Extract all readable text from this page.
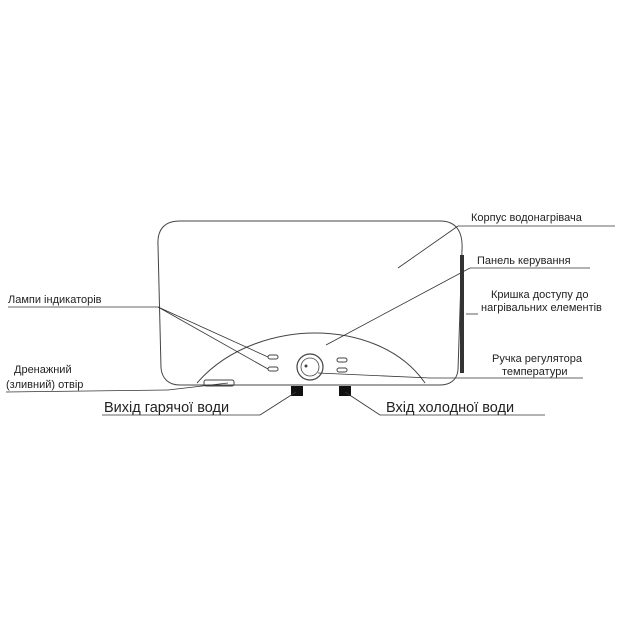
Корпус водонагрівача
Панель керування
Кришка доступу до
нагрівальних елементів
Лампи індикаторів
Ручка регулятора
температури
Дренажний
(зливний) отвір
Вихід гарячої води	Вхід холодної води
